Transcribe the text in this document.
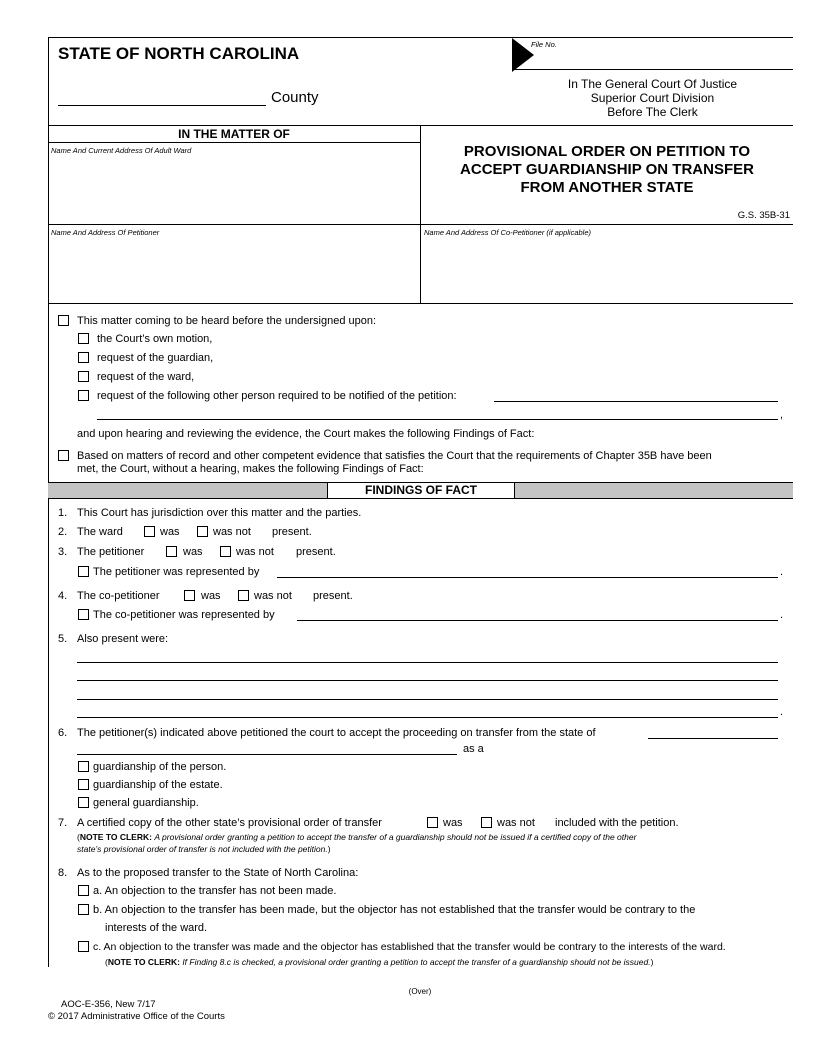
STATE OF NORTH CAROLINA
County
File No.
In The General Court Of Justice
Superior Court Division
Before The Clerk
IN THE MATTER OF
Name And Current Address Of Adult Ward	PROVISIONAL ORDER ON PETITION TO
ACCEPT GUARDIANSHIP ON TRANSFER
FROM ANOTHER STATE
G.S. 35B-31
Name And Address Of Petitioner	Name And Address Of Co-Petitioner (if applicable)
This matter coming to be heard before the undersigned upon:
the Court’s own motion,
request of the guardian,
request of the ward,
request of the following other person required to be notified of the petition:
,
and upon hearing and reviewing the evidence, the Court makes the following Findings of Fact:
Based on matters of record and other competent evidence that satisfies the Court that the requirements of Chapter 35B have been
met, the Court, without a hearing, makes the following Findings of Fact:
FINDINGS OF FACT
1. This Court has jurisdiction over this matter and the parties.
2. The ward	was	was not present.
3. The petitioner	was	was not present.
The petitioner was represented by	.
4. The co-petitioner	was	was not present.
The co-petitioner was represented by	.
5. Also present were:
.
6. The petitioner(s) indicated above petitioned the court to accept the proceeding on transfer from the state of
as a
guardianship of the person.
guardianship of the estate.
general guardianship.
7. A certified copy of the other state’s provisional order of transfer	was	was not included with the petition.
(NOTE TO CLERK: A provisional order granting a petition to accept the transfer of a guardianship should not be issued if a certified copy of the other
state’s provisional order of transfer is not included with the petition.)
8. As to the proposed transfer to the State of North Carolina:
a. An objection to the transfer has not been made.
b. An objection to the transfer has been made, but the objector has not established that the transfer would be contrary to the
interests of the ward.
c. An objection to the transfer was made and the objector has established that the transfer would be contrary to the interests of the ward.
(NOTE TO CLERK: If Finding 8.c is checked, a provisional order granting a petition to accept the transfer of a guardianship should not be issued.)
(Over)
AOC-E-356, New 7/17
© 2017 Administrative Office of the Courts
